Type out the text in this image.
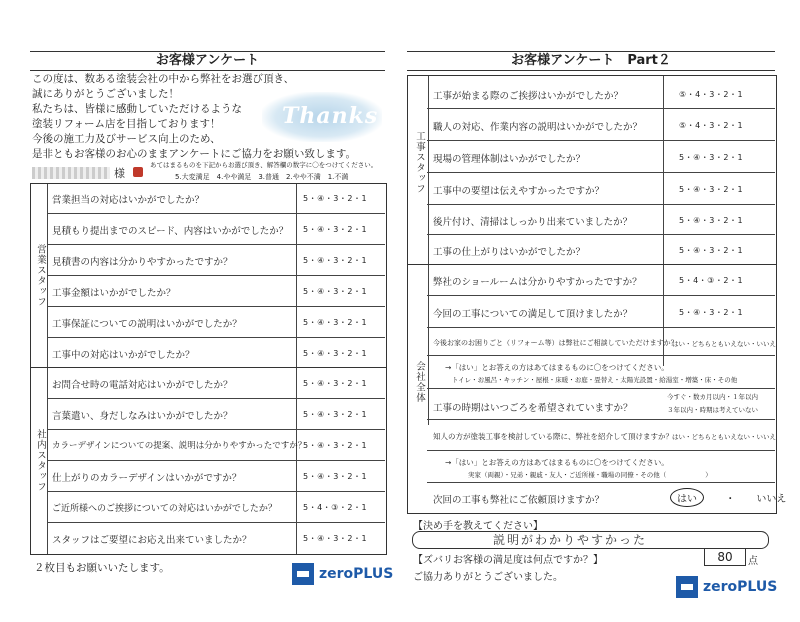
お客様アンケート
Thanks
この度は、数ある塗装会社の中から弊社をお選び頂き、
誠にありがとうございました！
私たちは、皆様に感動していただけるような
塗装リフォーム店を目指しております！
今後の施工力及びサービス向上のため、
是非ともお客様のお心のままアンケートにご協力をお願い致します。
様
あてはまるものを下記からお選び頂き、解答欄の数字に〇をつけてください。
5.大変満足　4.やや満足　3.普通　2.やや不満　1.不満
営業スタッフ
社内スタッフ
営業担当の対応はいかがでしたか？	5・④・3・2・1
見積もり提出までのスピード、内容はいかがでしたか？ 5・④・3・2・1
見積書の内容は分かりやすかったですか？	5・④・3・2・1
工事金額はいかがでしたか？	5・④・3・2・1
工事保証についての説明はいかがでしたか？	5・④・3・2・1
工事中の対応はいかがでしたか？	5・④・3・2・1
お問合せ時の電話対応はいかがでしたか？	5・④・3・2・1
言葉遣い、身だしなみはいかがでしたか？	5・④・3・2・1
カラーデザインについての提案、説明は分かりやすかったですか？
5・④・3・2・1
仕上がりのカラーデザインはいかがですか？	5・④・3・2・1
ご近所様へのご挨拶についての対応はいかがでしたか？	5・4・③・2・1
スタッフはご要望にお応え出来ていましたか？	5・④・3・2・1
２枚目もお願いいたします。	zeroPLUS
お客様アンケート　Part２
工事スタッフ
会社全体
工事が始まる際のご挨拶はいかがでしたか？	⑤・4・3・2・1
職人の対応、作業内容の説明はいかがでしたか？	⑤・4・3・2・1
現場の管理体制はいかがでしたか？	5・④・3・2・1
工事中の要望は伝えやすかったですか？	5・④・3・2・1
後片付け、清掃はしっかり出来ていましたか？	5・④・3・2・1
工事の仕上がりはいかがでしたか？	5・④・3・2・1
弊社のショールームは分かりやすかったですか？	5・4・③・2・1
今回の工事についての満足して頂けましたか？	5・④・3・2・1
今後お家のお困りごと（リフォーム等）は弊社にご相談していただけますか？
はい・どちらともいえない・いいえ
→「はい」とお答えの方はあてはまるものに〇をつけてください。
トイレ・お風呂・キッチン・屋根・床暖・お庭・畳替え・太陽光設置・給湯室・増築・床・その他
工事の時期はいつごろを希望されていますか？
今すぐ・数カ月以内・１年以内
３年以内・時期は考えていない
知人の方が塗装工事を検討している際に、弊社を紹介して頂けますか？ はい・どちらともいえない・いいえ
→「はい」とお答えの方はあてはまるものに〇をつけてください。
実家（両親）・兄弟・親戚・友人・ご近所様・職場の同僚・その他（　　　　　　）
次回の工事も弊社にご依頼頂けますか？	はい	・ いいえ
【決め手を教えてください】
説明がわかりやすかった
【ズバリお客様の満足度は何点ですか？】	80	点
ご協力ありがとうございました。
zeroPLUS
